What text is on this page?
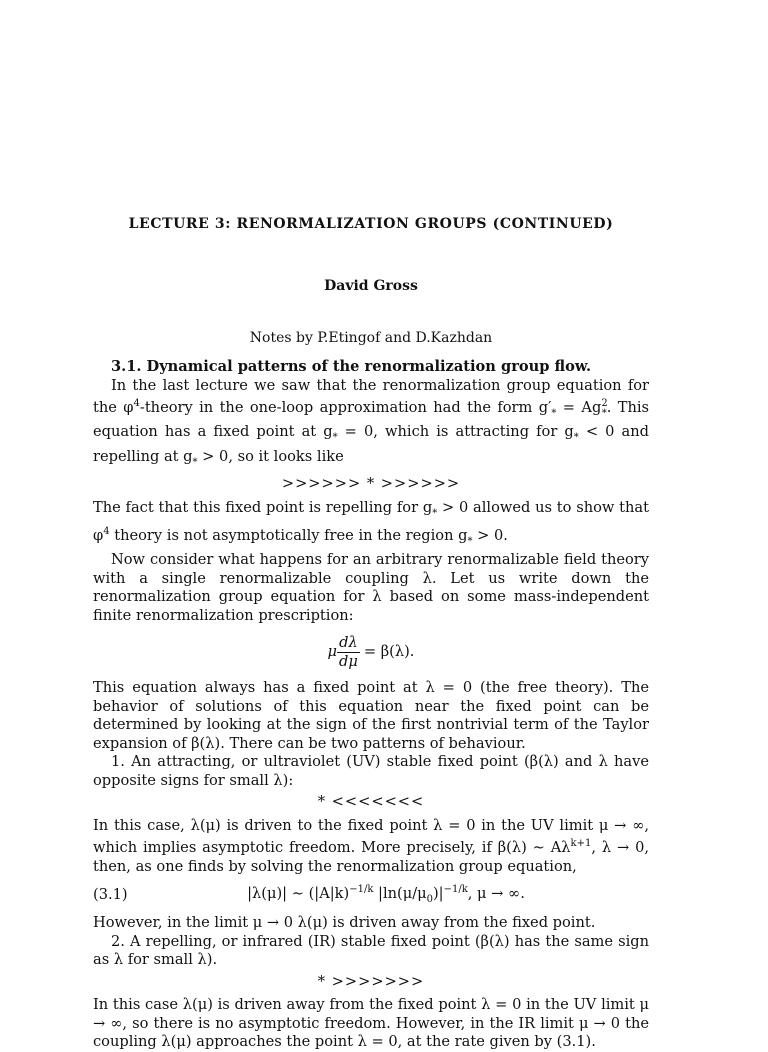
LECTURE 3: RENORMALIZATION GROUPS (CONTINUED)
David Gross
Notes by P.Etingof and D.Kazhdan

3.1. Dynamical patterns of the renormalization group flow.

In the last lecture we saw that the renormalization group equation for the $\varphi^4$-theory in the one-loop approximation had the form $g'_* = Ag^2_*$. This equation has a fixed point at $g_* = 0$, which is attracting for $g_* < 0$ and repelling at $g_* > 0$, so it looks like

>>>>>> * >>>>>>

The fact that this fixed point is repelling for $g_* > 0$ allowed us to show that $\varphi^4$ theory is not asymptotically free in the region $g_* > 0$.

Now consider what happens for an arbitrary renormalizable field theory with a single renormalizable coupling λ. Let us write down the renormalization group equation for λ based on some mass-independent finite renormalization prescription:

μ $\frac{d\lambda}{d\mu} = \beta(\lambda)$.

This equation always has a fixed point at λ = 0 (the free theory). The behavior of solutions of this equation near the fixed point can be determined by looking at the sign of the first nontrivial term of the Taylor expansion of β(λ). There can be two patterns of behaviour.

1. An attracting, or ultraviolet (UV) stable fixed point (β(λ) and λ have opposite signs for small λ):

* <<<<<<<

In this case, λ(μ) is driven to the fixed point λ = 0 in the UV limit μ → ∞, which implies asymptotic freedom. More precisely, if β(λ) ∼ $A\lambda^{k+1}$, λ → 0, then, as one finds by solving the renormalization group equation,

(3.1)	|λ(μ)| ∼ $(|A|k)^{-1/k}$ $|\ln(\mu/\mu_0)|^{-1/k}$, μ → ∞.

However, in the limit μ → 0 λ(μ) is driven away from the fixed point.

2. A repelling, or infrared (IR) stable fixed point (β(λ) has the same sign as λ for small λ).

* >>>>>>>

In this case λ(μ) is driven away from the fixed point λ = 0 in the UV limit μ → ∞, so there is no asymptotic freedom. However, in the IR limit μ → 0 the coupling λ(μ) approaches the point λ = 0, at the rate given by (3.1).
